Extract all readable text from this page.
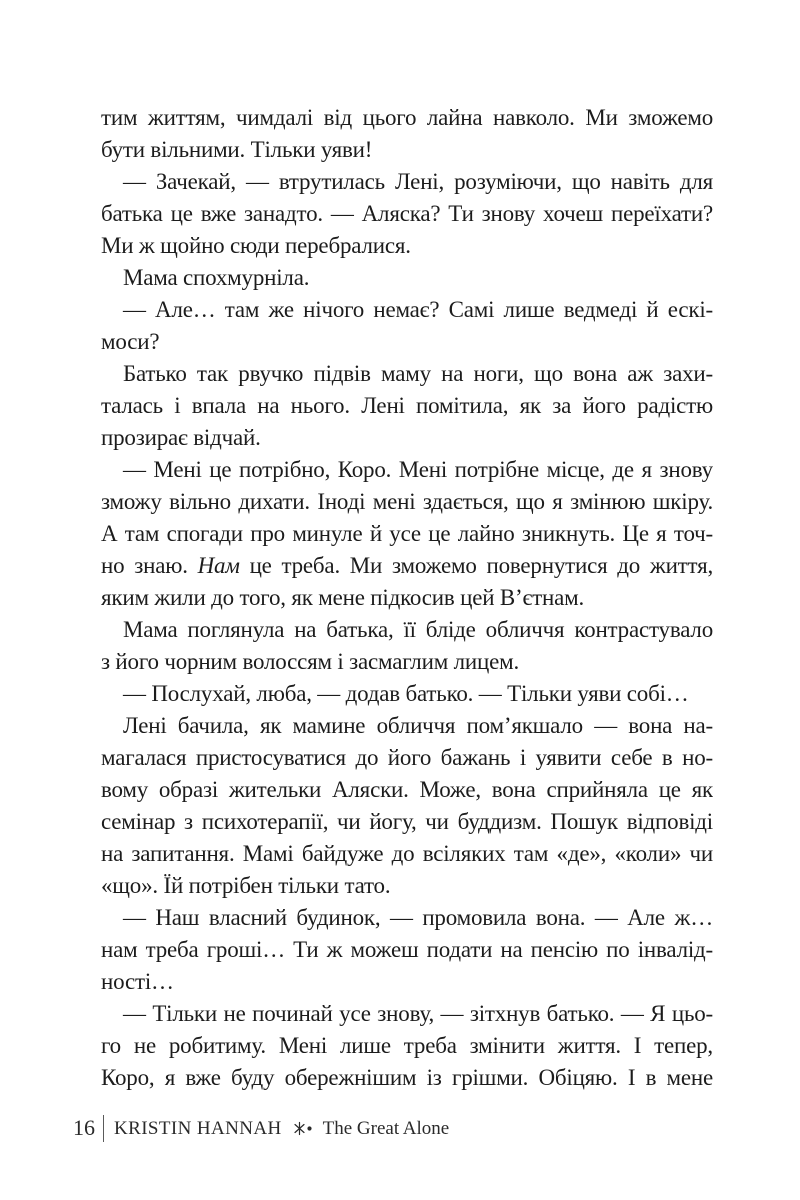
тим життям, чимдалі від цього лайна навколо. Ми зможемо
бути вільними. Тільки уяви!
— Зачекай, — втрутилась Лені, розуміючи, що навіть для
батька це вже занадто. — Аляска? Ти знову хочеш переїхати?
Ми ж щойно сюди перебралися.
Мама спохмурніла.
— Але… там же нічого немає? Самі лише ведмеді й ескі-
моси?
Батько так рвучко підвів маму на ноги, що вона аж захи-
талась і впала на нього. Лені помітила, як за його радістю
прозирає відчай.
— Мені це потрібно, Коро. Мені потрібне місце, де я знову
зможу вільно дихати. Іноді мені здається, що я змінюю шкіру.
А там спогади про минуле й усе це лайно зникнуть. Це я точ-
но знаю. Нам це треба. Ми зможемо повернутися до життя,
яким жили до того, як мене підкосив цей В’єтнам.
Мама поглянула на батька, її бліде обличчя контрастувало
з його чорним волоссям і засмаглим лицем.
— Послухай, люба, — додав батько. — Тільки уяви собі…
Лені бачила, як мамине обличчя пом’якшало — вона на-
магалася пристосуватися до його бажань і уявити себе в но-
вому образі жительки Аляски. Може, вона сприйняла це як
семінар з психотерапії, чи йогу, чи буддизм. Пошук відповіді
на запитання. Мамі байдуже до всіляких там «де», «коли» чи
«що». Їй потрібен тільки тато.
— Наш власний будинок, — промовила вона. — Але ж…
нам треба гроші… Ти ж можеш подати на пенсію по інвалід-
ності…
— Тільки не починай усе знову, — зітхнув батько. — Я цьо-
го не робитиму. Мені лише треба змінити життя. І тепер,
Коро, я вже буду обережнішим із грішми. Обіцяю. І в мене
16 KRISTIN HANNAH The Great Alone
